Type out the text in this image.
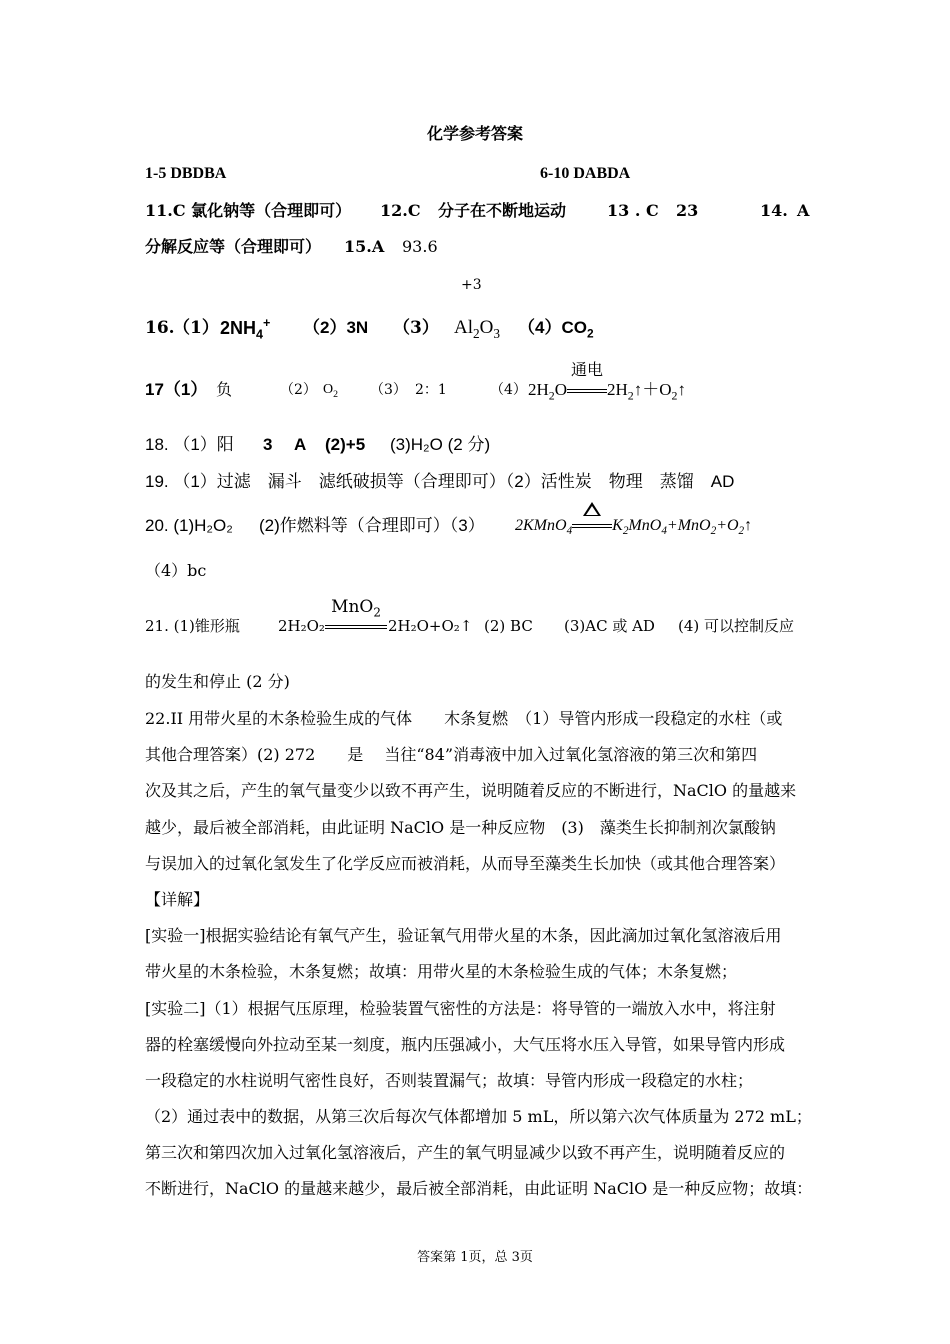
化学参考答案
1-5 DBDBA	6-10 DABDA
11.C 氯化钠等（合理即可） 12.C 分子在不断地运动	13 . C 23	14. A
分解反应等（合理即可） 15.A 93.6
+3
16.
（1） $2NH_4^+$ （2）3N （3） $Al_2O_3$ $(4)CO_2$
17（1） 负	（2） $O_2$ （3） 2：1	（4） $2H_2O$
通电
$2H_2↑+O_2↑$
18. （1）阳 3 A (2)+5 (3)H₂O (2 分)
19. （1）过滤　漏斗　滤纸破损等（合理即可）（2）活性炭　物理　蒸馏　AD
20. (1)H₂O₂ (2)作燃料等（合理即可）（3） 2KMnO$_4$	$K_2MnO_4+MnO_2+O_2↑$
（4）bc
21. (1)锥形瓶	2H₂O₂
MnO$_2$
2H₂O+O₂↑ (2) BC (3)AC 或 AD (4) 可以控制反应
的发生和停止 (2 分)
22.II 用带火星的木条检验生成的气体　　木条复燃　（1）导管内形成一段稳定的水柱（或
其他合理答案）(2) 272　　是　 当往“84”消毒液中加入过氧化氢溶液的第三次和第四
次及其之后，产生的氧气量变少以致不再产生，说明随着反应的不断进行，NaClO 的量越来
越少，最后被全部消耗，由此证明 NaClO 是一种反应物　(3)　藻类生长抑制剂次氯酸钠
与误加入的过氧化氢发生了化学反应而被消耗，从而导至藻类生长加快（或其他合理答案）
【详解】
[实验一]根据实验结论有氧气产生，验证氧气用带火星的木条，因此滴加过氧化氢溶液后用
带火星的木条检验，木条复燃；故填：用带火星的木条检验生成的气体；木条复燃；
[实验二]（1）根据气压原理，检验装置气密性的方法是：将导管的一端放入水中，将注射
器的栓塞缓慢向外拉动至某一刻度，瓶内压强减小，大气压将水压入导管，如果导管内形成
一段稳定的水柱说明气密性良好，否则装置漏气；故填：导管内形成一段稳定的水柱；
（2）通过表中的数据，从第三次后每次气体都增加 5 mL，所以第六次气体质量为 272 mL；
第三次和第四次加入过氧化氢溶液后，产生的氧气明显减少以致不再产生，说明随着反应的
不断进行，NaClO 的量越来越少，最后被全部消耗，由此证明 NaClO 是一种反应物；故填：
答案第 1页，总 3页
